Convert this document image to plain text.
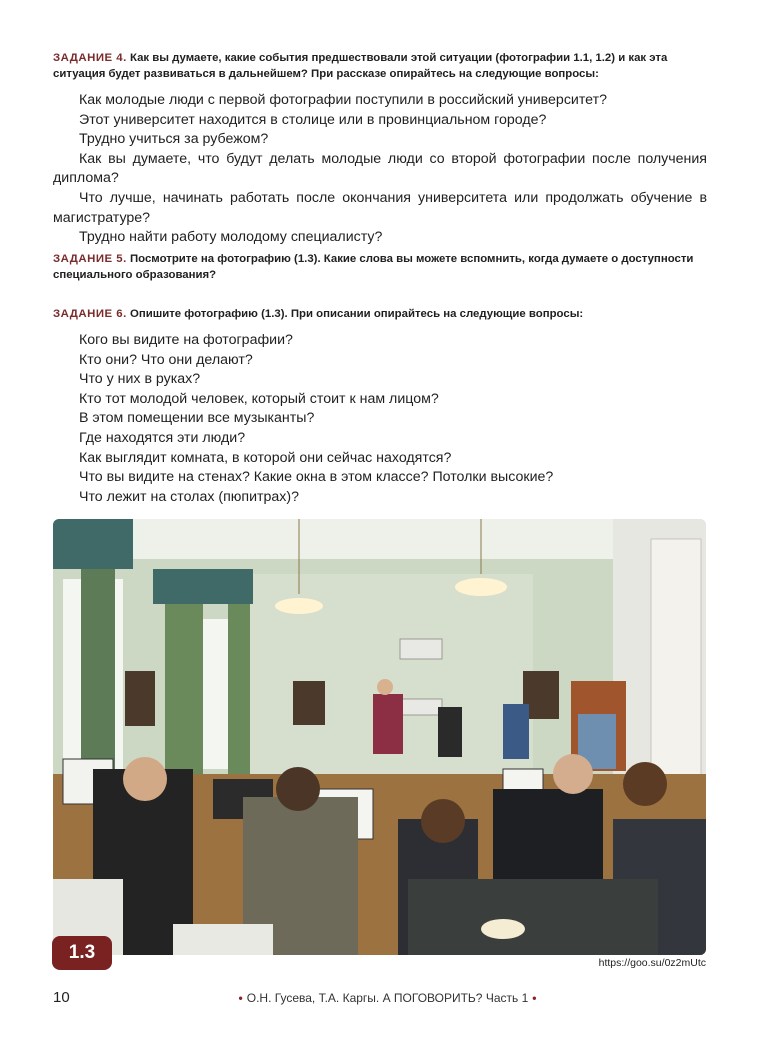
ЗАДАНИЕ 4. Как вы думаете, какие события предшествовали этой ситуации (фотографии 1.1, 1.2) и как эта ситуация будет развиваться в дальнейшем? При рассказе опирайтесь на следующие вопросы:
Как молодые люди с первой фотографии поступили в российский университет?
Этот университет находится в столице или в провинциальном городе?
Трудно учиться за рубежом?
Как вы думаете, что будут делать молодые люди со второй фотографии после получения диплома?
Что лучше, начинать работать после окончания университета или продолжать обучение в магистратуре?
Трудно найти работу молодому специалисту?
ЗАДАНИЕ 5. Посмотрите на фотографию (1.3). Какие слова вы можете вспомнить, когда думаете о доступности специального образования?
ЗАДАНИЕ 6. Опишите фотографию (1.3). При описании опирайтесь на следующие вопросы:
Кого вы видите на фотографии?
Кто они? Что они делают?
Что у них в руках?
Кто тот молодой человек, который стоит к нам лицом?
В этом помещении все музыканты?
Где находятся эти люди?
Как выглядит комната, в которой они сейчас находятся?
Что вы видите на стенах? Какие окна в этом классе? Потолки высокие?
Что лежит на столах (пюпитрах)?
1.3	https://goo.su/0z2mUtc
10	• О.Н. Гусева, Т.А. Каргы. А ПОГОВОРИТЬ? Часть 1 •
